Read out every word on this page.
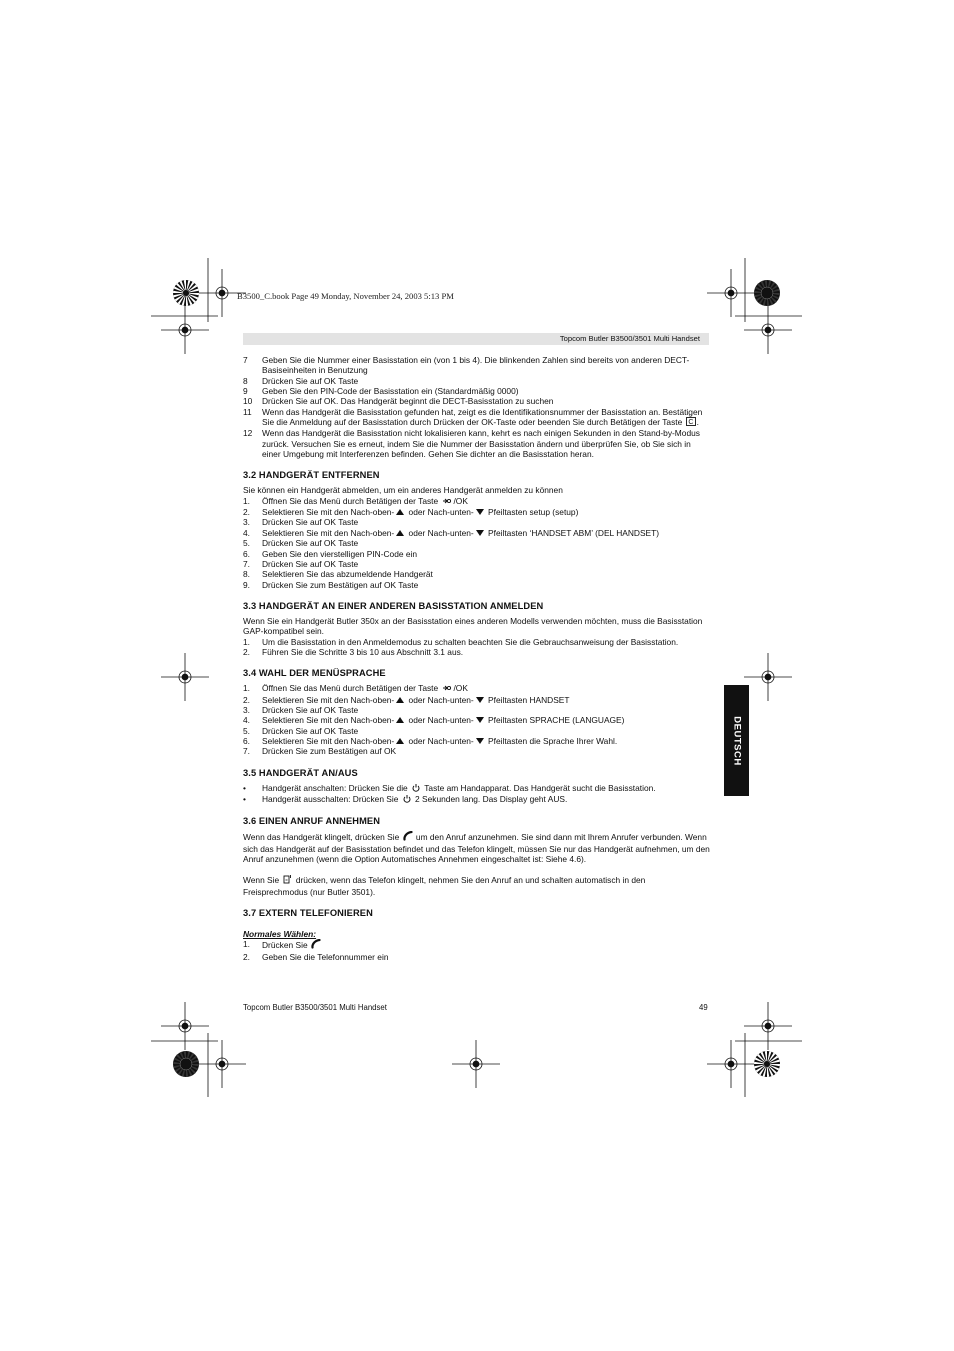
B3500_C.book Page 49 Monday, November 24, 2003 5:13 PM
Topcom Butler B3500/3501 Multi Handset
7 Geben Sie die Nummer einer Basisstation ein (von 1 bis 4). Die blinkenden Zahlen sind bereits von anderen DECT-Basiseinheiten in Benutzung
8 Drücken Sie auf OK Taste
9 Geben Sie den PIN-Code der Basisstation ein (Standardmäßig 0000)
10 Drücken Sie auf OK. Das Handgerät beginnt die DECT-Basisstation zu suchen
11 Wenn das Handgerät die Basisstation gefunden hat, zeigt es die Identifikationsnummer der Basisstation an. Bestätigen Sie die Anmeldung auf der Basisstation durch Drücken der OK-Taste oder beenden Sie durch Betätigen der Taste C .
12 Wenn das Handgerät die Basisstation nicht lokalisieren kann, kehrt es nach einigen Sekunden in den Stand-by-Modus zurück. Versuchen Sie es erneut, indem Sie die Nummer der Basisstation ändern und überprüfen Sie, ob Sie sich in einer Umgebung mit Interferenzen befinden. Gehen Sie dichter an die Basisstation heran.
3.2 HANDGERÄT ENTFERNEN

Sie können ein Handgerät abmelden, um ein anderes Handgerät anmelden zu können

1. Öffnen Sie das Menü durch Betätigen der Taste /OK
2. Selektieren Sie mit den Nach-oben- oder Nach-unten- Pfeiltasten setup (setup)
3. Drücken Sie auf OK Taste
4. Selektieren Sie mit den Nach-oben- oder Nach-unten- Pfeiltasten ‘HANDSET ABM’ (DEL HANDSET)
5. Drücken Sie auf OK Taste
6. Geben Sie den vierstelligen PIN-Code ein
7. Drücken Sie auf OK Taste
8. Selektieren Sie das abzumeldende Handgerät
9. Drücken Sie zum Bestätigen auf OK Taste
3.3 HANDGERÄT AN EINER ANDEREN BASISSTATION ANMELDEN

Wenn Sie ein Handgerät Butler 350x an der Basisstation eines anderen Modells verwenden möchten, muss die Basisstation GAP-kompatibel sein.

1. Um die Basisstation in den Anmeldemodus zu schalten beachten Sie die Gebrauchsanweisung der Basisstation.
2. Führen Sie die Schritte 3 bis 10 aus Abschnitt 3.1 aus.
3.4 WAHL DER MENÜSPRACHE
1. Öffnen Sie das Menü durch Betätigen der Taste /OK
2. Selektieren Sie mit den Nach-oben- oder Nach-unten- Pfeiltasten HANDSET
3. Drücken Sie auf OK Taste
4. Selektieren Sie mit den Nach-oben- oder Nach-unten- Pfeiltasten SPRACHE (LANGUAGE)
5. Drücken Sie auf OK Taste
6. Selektieren Sie mit den Nach-oben- oder Nach-unten- Pfeiltasten die Sprache Ihrer Wahl.
7. Drücken Sie zum Bestätigen auf OK
3.5 HANDGERÄT AN/AUS
• Handgerät anschalten: Drücken Sie die  Taste am Handapparat. Das Handgerät sucht die Basisstation.
• Handgerät ausschalten: Drücken Sie  2 Sekunden lang. Das Display geht AUS.
3.6 EINEN ANRUF ANNEHMEN

Wenn das Handgerät klingelt, drücken Sie  um den Anruf anzunehmen. Sie sind dann mit Ihrem Anrufer verbunden. Wenn sich das Handgerät auf der Basisstation befindet und das Telefon klingelt, müssen Sie nur das Handgerät aufnehmen, um den Anruf anzunehmen (wenn die Option Automatisches Annehmen eingeschaltet ist: Siehe 4.6).

Wenn Sie  drücken, wenn das Telefon klingelt, nehmen Sie den Anruf an und schalten automatisch in den Freisprechmodus (nur Butler 3501).

3.7 EXTERN TELEFONIEREN

Normales Wählen:

1. Drücken Sie
2. Geben Sie die Telefonnummer ein
DEUTSCH
Topcom Butler B3500/3501 Multi Handset	49
